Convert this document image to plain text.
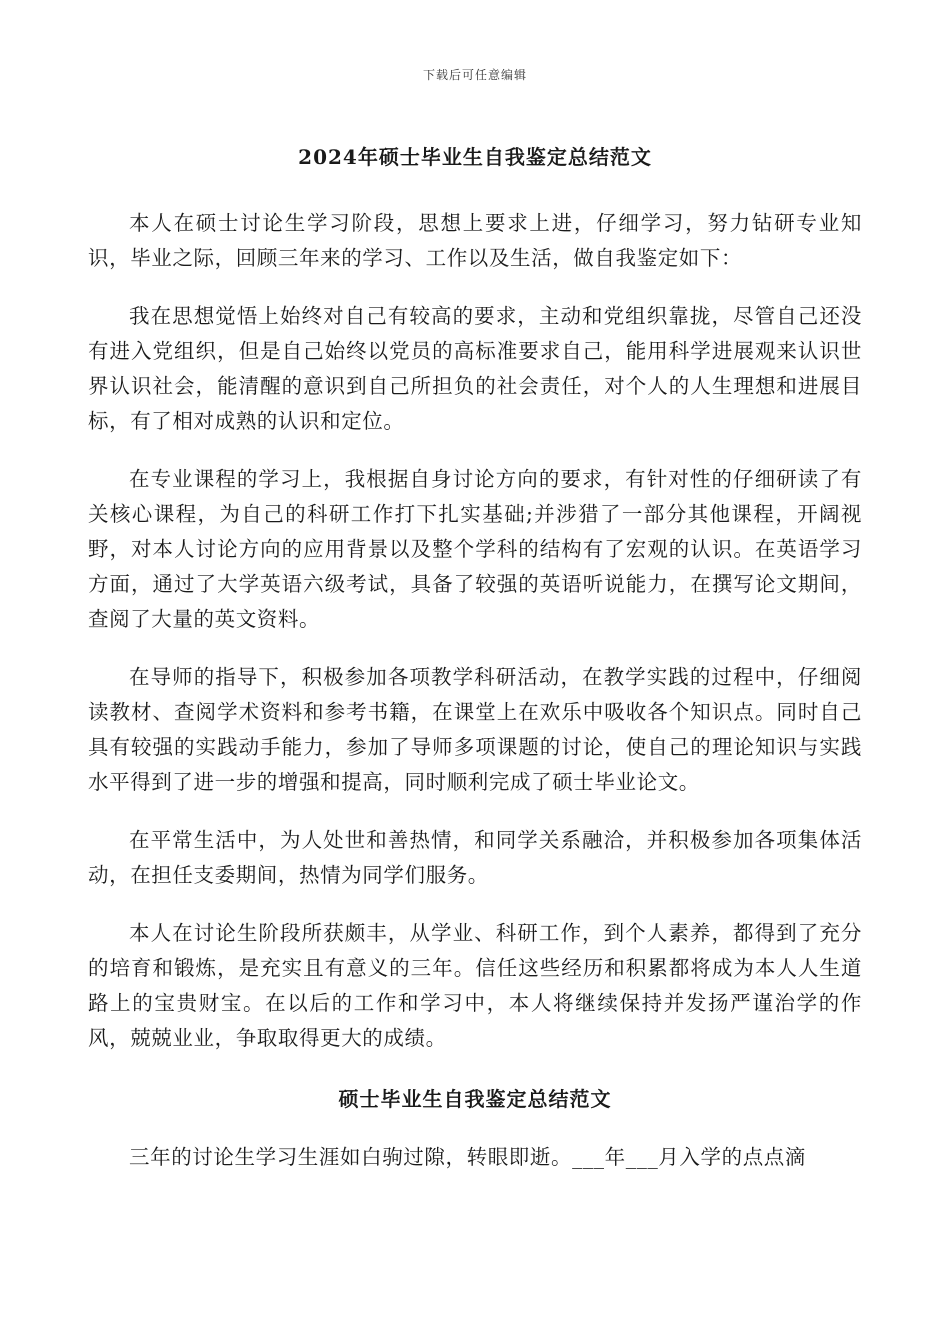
下载后可任意编辑
2024年硕士毕业生自我鉴定总结范文

本人在硕士讨论生学习阶段，思想上要求上进，仔细学习，努力钻研专业知识，毕业之际，回顾三年来的学习、工作以及生活，做自我鉴定如下：

我在思想觉悟上始终对自己有较高的要求，主动和党组织靠拢，尽管自己还没有进入党组织，但是自己始终以党员的高标准要求自己，能用科学进展观来认识世界认识社会，能清醒的意识到自己所担负的社会责任，对个人的人生理想和进展目标，有了相对成熟的认识和定位。

在专业课程的学习上，我根据自身讨论方向的要求，有针对性的仔细研读了有关核心课程，为自己的科研工作打下扎实基础;并涉猎了一部分其他课程，开阔视野，对本人讨论方向的应用背景以及整个学科的结构有了宏观的认识。在英语学习方面，通过了大学英语六级考试，具备了较强的英语听说能力，在撰写论文期间，查阅了大量的英文资料。

在导师的指导下，积极参加各项教学科研活动，在教学实践的过程中，仔细阅读教材、查阅学术资料和参考书籍，在课堂上在欢乐中吸收各个知识点。同时自己具有较强的实践动手能力，参加了导师多项课题的讨论，使自己的理论知识与实践水平得到了进一步的增强和提高，同时顺利完成了硕士毕业论文。

在平常生活中，为人处世和善热情，和同学关系融洽，并积极参加各项集体活动，在担任支委期间，热情为同学们服务。

本人在讨论生阶段所获颇丰，从学业、科研工作，到个人素养，都得到了充分的培育和锻炼，是充实且有意义的三年。信任这些经历和积累都将成为本人人生道路上的宝贵财宝。在以后的工作和学习中，本人将继续保持并发扬严谨治学的作风，兢兢业业，争取取得更大的成绩。

硕士毕业生自我鉴定总结范文

三年的讨论生学习生涯如白驹过隙，转眼即逝。___年___月入学的点点滴
